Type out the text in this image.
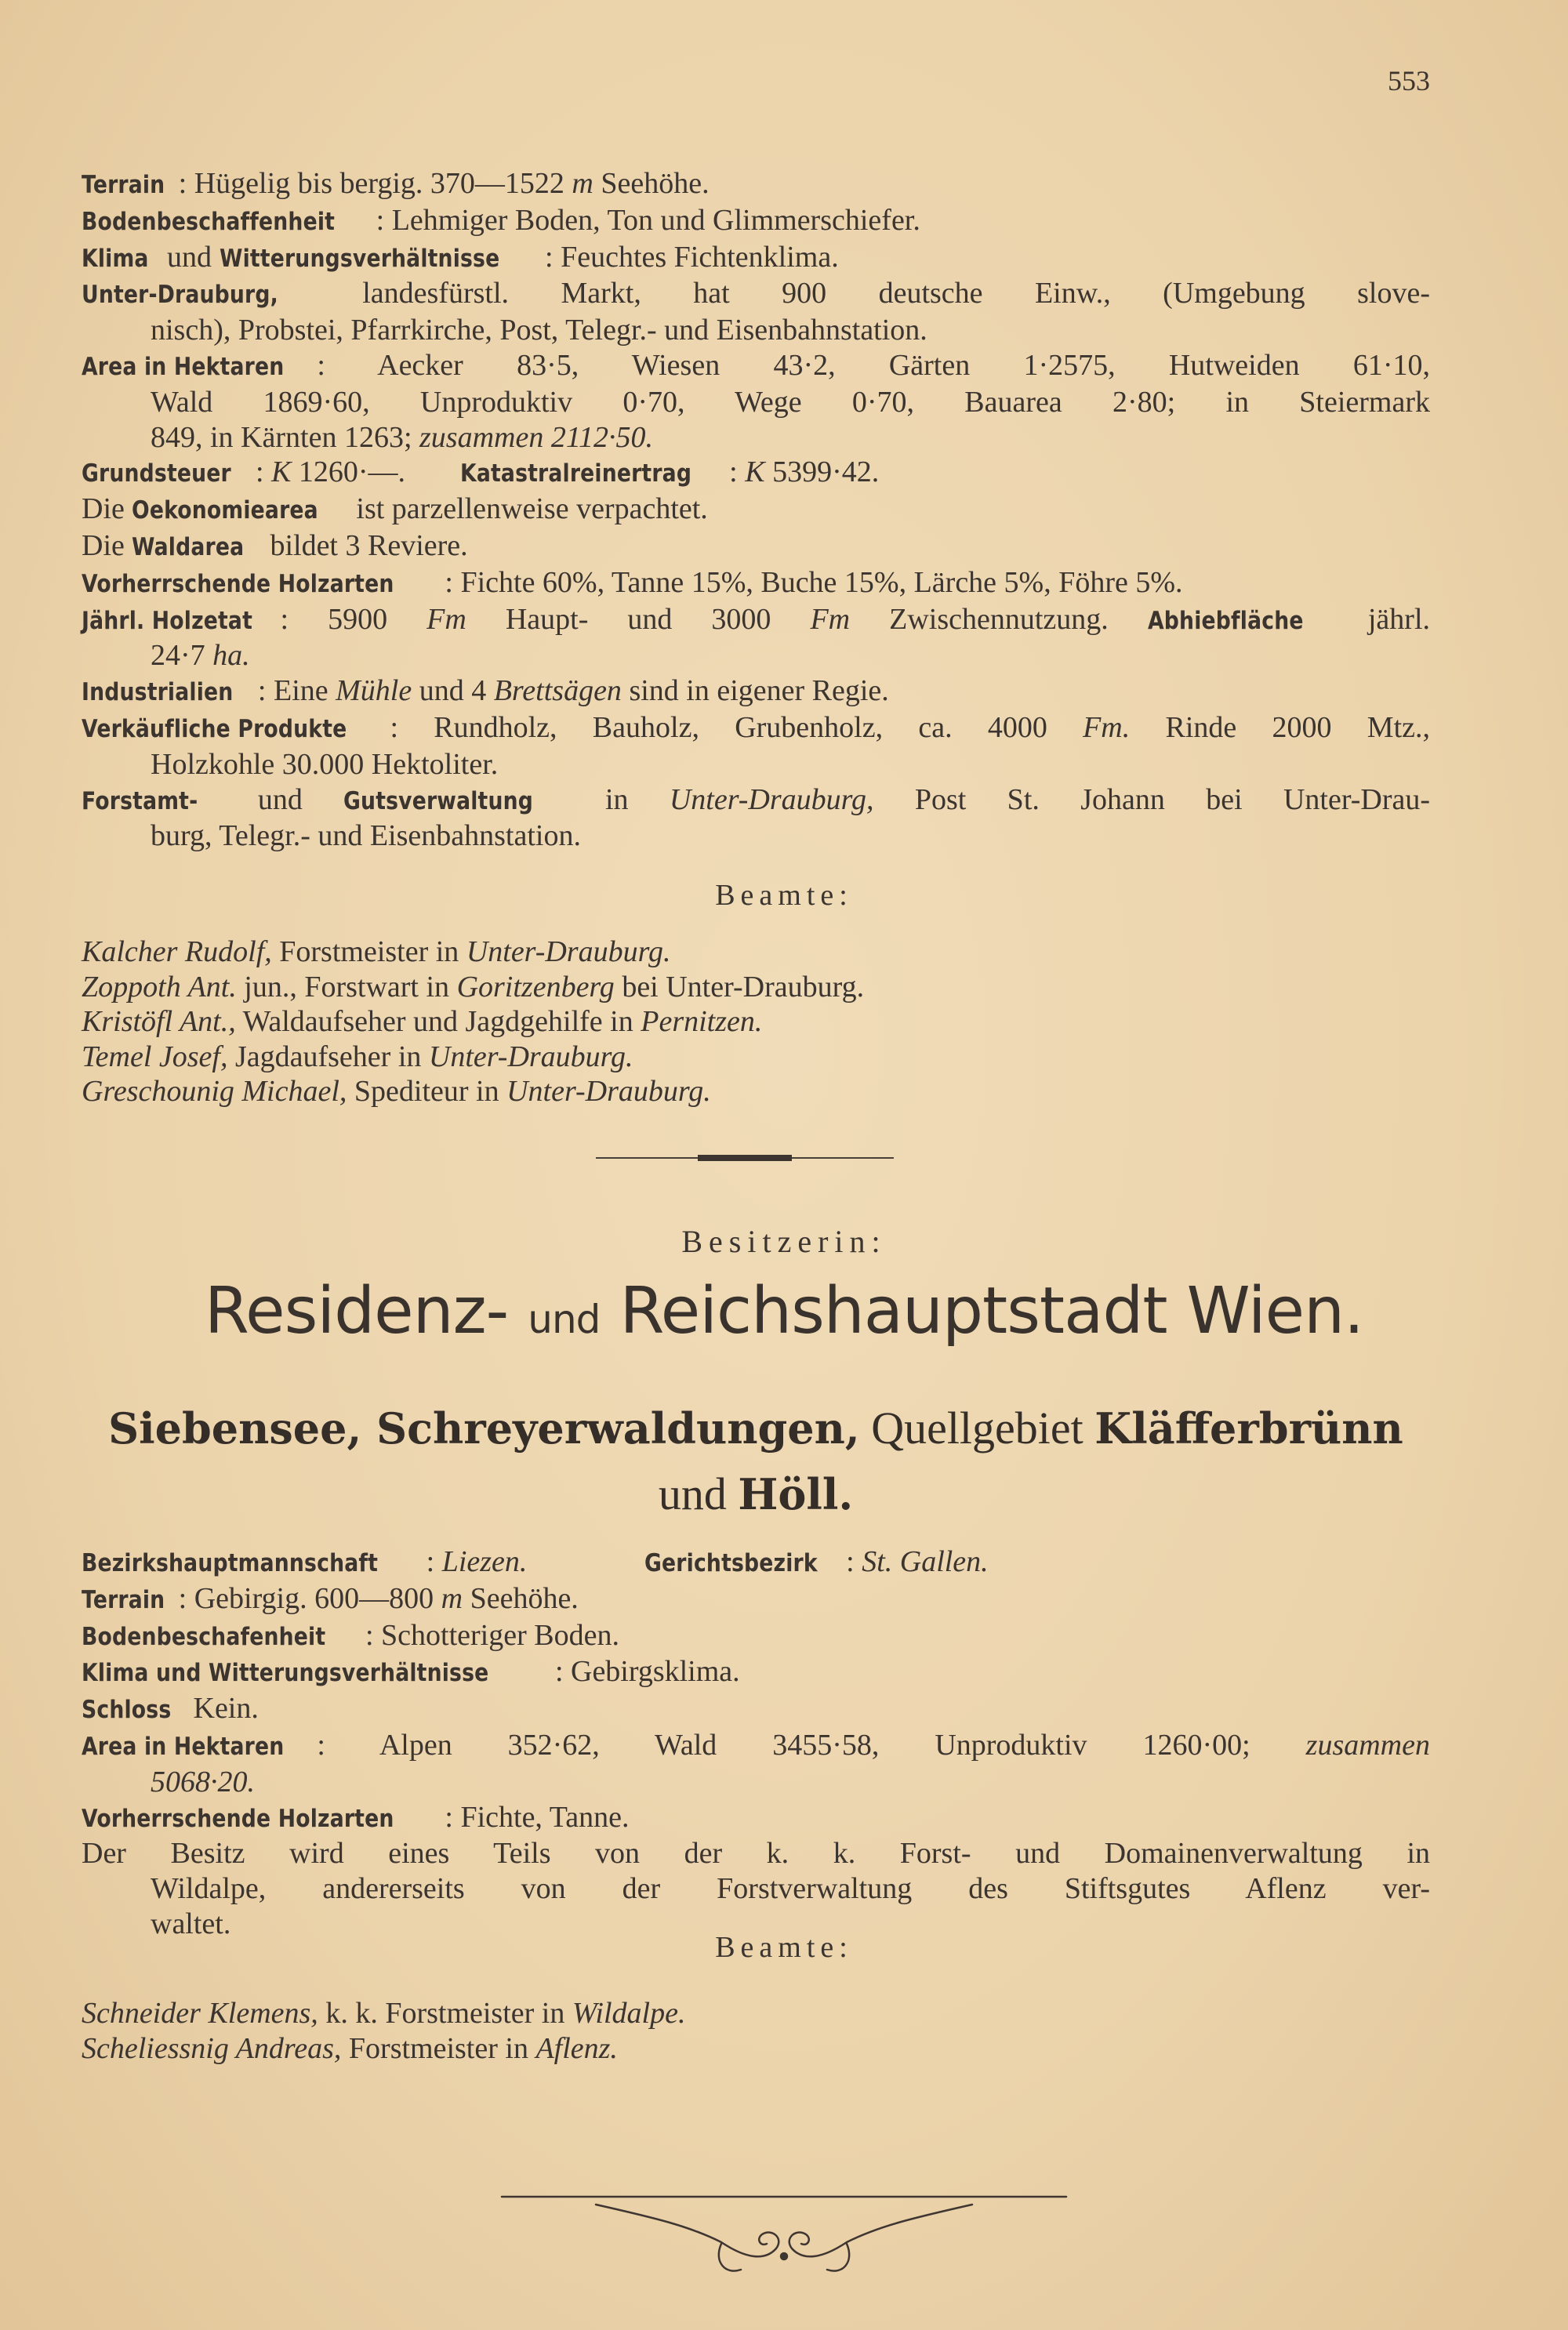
553
Terrain : Hügelig bis bergig. 370—1522 m Seehöhe.
Bodenbeschaffenheit : Lehmiger Boden, Ton und Glimmerschiefer.
Klima und Witterungsverhältnisse : Feuchtes Fichtenklima.
Unter-Drauburg, landesfürstl. Markt, hat 900 deutsche Einw., (Umgebung slove-
nisch), Probstei, Pfarrkirche, Post, Telegr.- und Eisenbahnstation.
Area in Hektaren : Aecker 83·5, Wiesen 43·2, Gärten 1·2575, Hutweiden 61·10,
Wald 1869·60, Unproduktiv 0·70, Wege 0·70, Bauarea 2·80; in Steiermark
849, in Kärnten 1263; zusammen 2112·50.
Grundsteuer : K 1260·—. Katastralreinertrag : K 5399·42.
Die Oekonomiearea ist parzellenweise verpachtet.
Die Waldarea bildet 3 Reviere.
Vorherrschende Holzarten : Fichte 60%, Tanne 15%, Buche 15%, Lärche 5%, Föhre 5%.
Jährl. Holzetat : 5900 Fm Haupt- und 3000 Fm Zwischennutzung. Abhiebfläche jährl.
24·7 ha.
Industrialien : Eine Mühle und 4 Brettsägen sind in eigener Regie.
Verkäufliche Produkte : Rundholz, Bauholz, Grubenholz, ca. 4000 Fm. Rinde 2000 Mtz.,
Holzkohle 30.000 Hektoliter.
Forstamt- und Gutsverwaltung in Unter-Drauburg, Post St. Johann bei Unter-Drau-
burg, Telegr.- und Eisenbahnstation.
Beamte:
Kalcher Rudolf, Forstmeister in Unter-Drauburg.
Zoppoth Ant. jun., Forstwart in Goritzenberg bei Unter-Drauburg.
Kristöfl Ant., Waldaufseher und Jagdgehilfe in Pernitzen.
Temel Josef, Jagdaufseher in Unter-Drauburg.
Greschounig Michael, Spediteur in Unter-Drauburg.
Besitzerin:
Residenz- und Reichshauptstadt Wien.
Siebensee, Schreyerwaldungen, Quellgebiet Kläfferbrünn
und Höll.
Bezirkshauptmannschaft : Liezen.	Gerichtsbezirk : St. Gallen.
Terrain : Gebirgig. 600—800 m Seehöhe.
Bodenbeschafenheit : Schotteriger Boden.
Klima und Witterungsverhältnisse : Gebirgsklima.
Schloss Kein.
Area in Hektaren : Alpen 352·62, Wald 3455·58, Unproduktiv 1260·00; zusammen
5068·20.
Vorherrschende Holzarten : Fichte, Tanne.
Der Besitz wird eines Teils von der k. k. Forst- und Domainenverwaltung in
Wildalpe, andererseits von der Forstverwaltung des Stiftsgutes Aflenz ver-
waltet.
Beamte:
Schneider Klemens, k. k. Forstmeister in Wildalpe.
Scheliessnig Andreas, Forstmeister in Aflenz.
